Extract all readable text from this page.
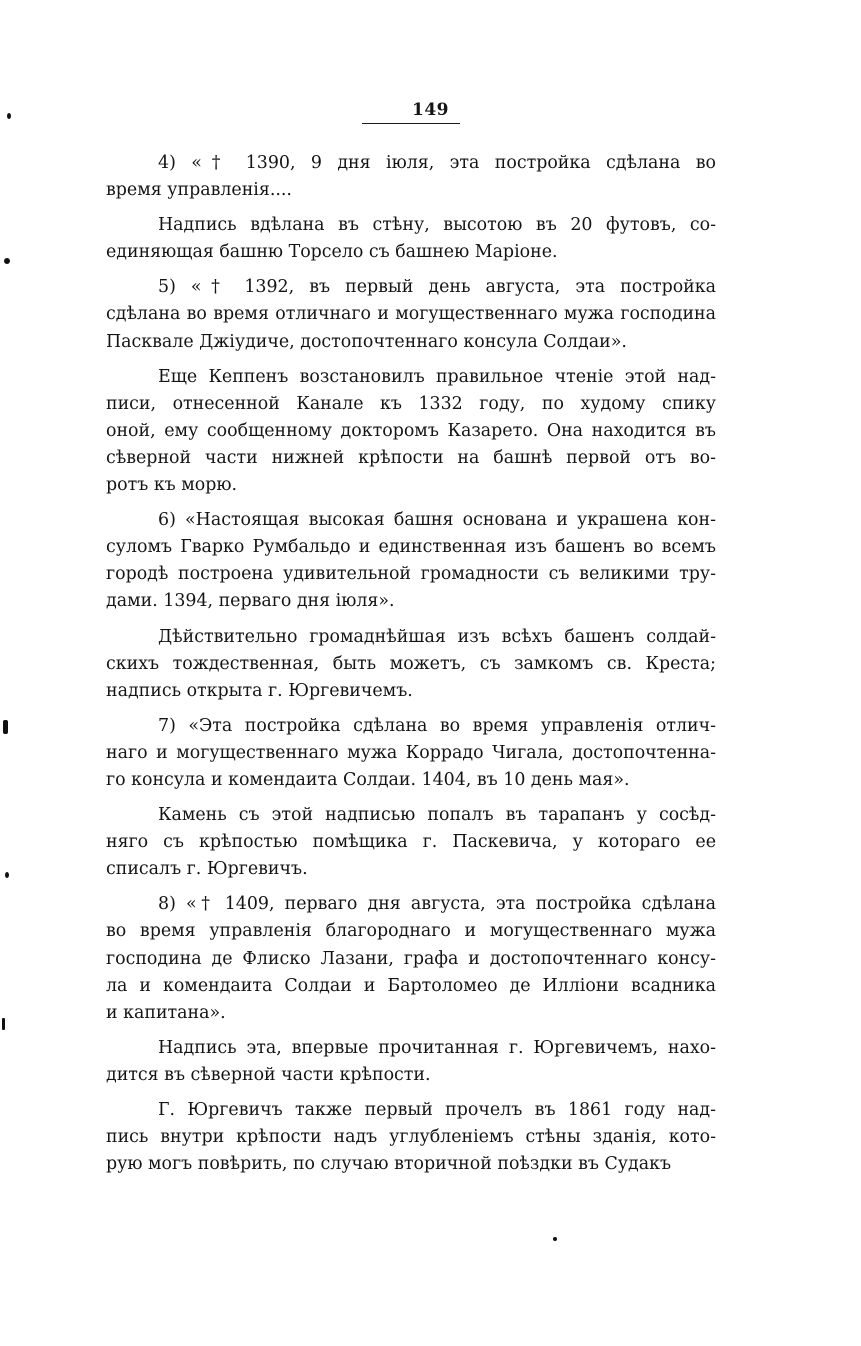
149
4) «† 1390, 9 дня іюля, эта постройка сдѣлана во
время управленія....
Надпись вдѣлана въ стѣну, высотою въ 20 футовъ, со-
единяющая башню Торсело съ башнею Маріоне.
5) «† 1392, въ первый день августа, эта постройка
сдѣлана во время отличнаго и могущественнаго мужа господина
Пасквале Джіудиче, достопочтеннаго консула Солдаи».
Еще Кеппенъ возстановилъ правильное чтеніе этой над-
писи, отнесенной Канале къ 1332 году, по худому спику
оной, ему сообщенному докторомъ Казарето. Она находится въ
сѣверной части нижней крѣпости на башнѣ первой отъ во-
ротъ къ морю.
6) «Настоящая высокая башня основана и украшена кон-
суломъ Гварко Румбальдо и единственная изъ башенъ во всемъ
городѣ построена удивительной громадности съ великими тру-
дами. 1394, перваго дня іюля».
Дѣйствительно громаднѣйшая изъ всѣхъ башенъ солдай-
скихъ тождественная, быть можетъ, съ замкомъ св. Креста;
надпись открыта г. Юргевичемъ.
7) «Эта постройка сдѣлана во время управленія отлич-
наго и могущественнаго мужа Коррадо Чигала, достопочтенна-
го консула и комендаита Солдаи. 1404, въ 10 день мая».
Камень съ этой надписью попалъ въ тарапанъ у сосѣд-
няго съ крѣпостью помѣщика г. Паскевича, у котораго ее
списалъ г. Юргевичъ.
8) «† 1409, перваго дня августа, эта постройка сдѣлана
во время управленія благороднаго и могущественнаго мужа
господина де Флиско Лазани, графа и достопочтеннаго консу-
ла и комендаита Солдаи и Бартоломео де Иллioни всадника
и капитана».
Надпись эта, впервые прочитанная г. Юргевичемъ, нахо-
дится въ сѣверной части крѣпости.
Г. Юргевичъ также первый прочелъ въ 1861 году над-
пись внутри крѣпости надъ углубленіемъ стѣны зданія, кото-
рую могъ повѣрить, по случаю вторичной поѣздки въ Судакъ
